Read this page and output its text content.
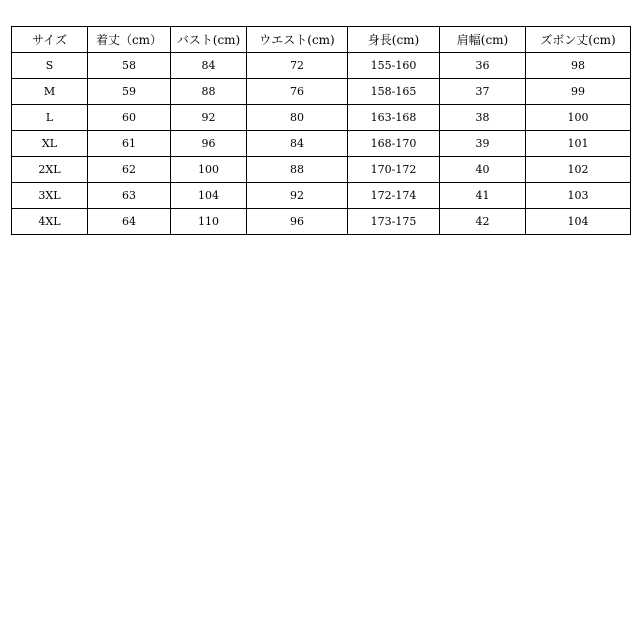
サイズ	着丈（cm）	バスト(cm)	ウエスト(cm)	身長(cm)	肩幅(cm)	ズボン丈(cm)
S	58	84	72	155-160	36	98
M	59	88	76	158-165	37	99
L	60	92	80	163-168	38	100
XL	61	96	84	168-170	39	101
2XL	62	100	88	170-172	40	102
3XL	63	104	92	172-174	41	103
4XL	64	110	96	173-175	42	104
